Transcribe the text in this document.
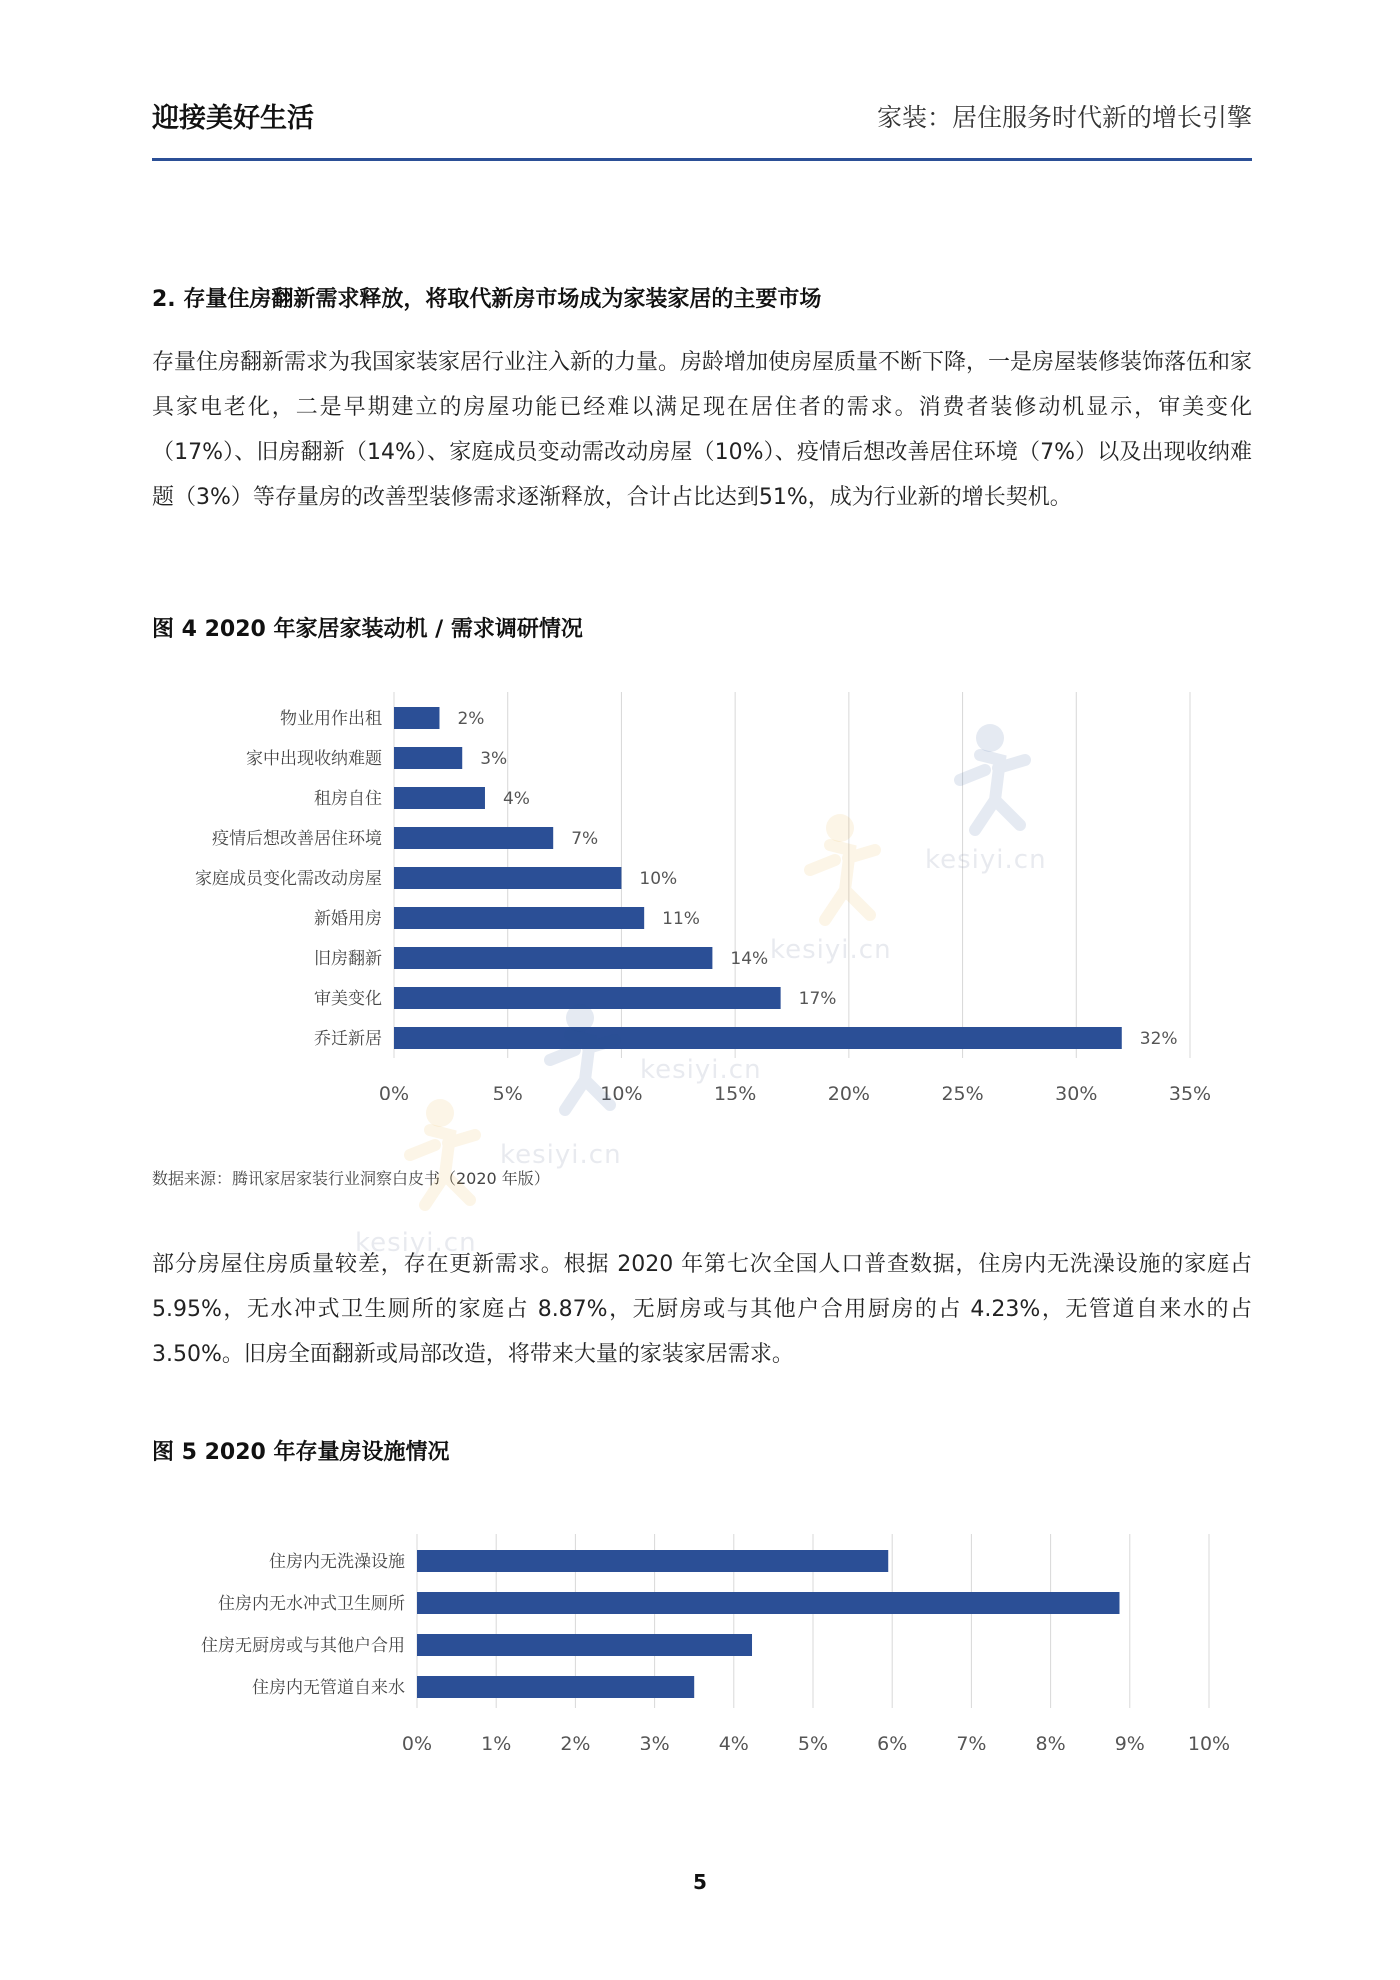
迎接美好生活	家装：居住服务时代新的增长引擎
2. 存量住房翻新需求释放，将取代新房市场成为家装家居的主要市场

存量住房翻新需求为我国家装家居行业注入新的力量。房龄增加使房屋质量不断下降，一是房屋装修装饰落伍和家具家电老化，二是早期建立的房屋功能已经难以满足现在居住者的需求。消费者装修动机显示，审美变化（17%）、旧房翻新（14%）、家庭成员变动需改动房屋（10%）、疫情后想改善居住环境（7%）以及出现收纳难题（3%）等存量房的改善型装修需求逐渐释放，合计占比达到51%，成为行业新的增长契机。

图 4 2020 年家居家装动机 / 需求调研情况
0%	5%	10%	15%	20%	25%	30%	35%
物业用作出租	2%
家中出现收纳难题	3%
租房自住	4%
疫情后想改善居住环境	7%
家庭成员变化需改动房屋	10%
新婚用房	11%
旧房翻新	14%
审美变化	17%
乔迁新居	32%
数据来源：腾讯家居家装行业洞察白皮书（2020 年版）

部分房屋住房质量较差，存在更新需求。根据 2020 年第七次全国人口普查数据，住房内无洗澡设施的家庭占 5.95%，无水冲式卫生厕所的家庭占 8.87%，无厨房或与其他户合用厨房的占 4.23%，无管道自来水的占 3.50%。旧房全面翻新或局部改造，将带来大量的家装家居需求。

图 5 2020 年存量房设施情况
0%	1%	2%	3%	4%	5%	6%	7%	8%	9% 10%
住房内无洗澡设施
住房内无水冲式卫生厕所
住房无厨房或与其他户合用
住房内无管道自来水
kesiyi.cn
kesiyi.cn
kesiyi.cn
kesiyi.cn
kesiyi.cn
5
